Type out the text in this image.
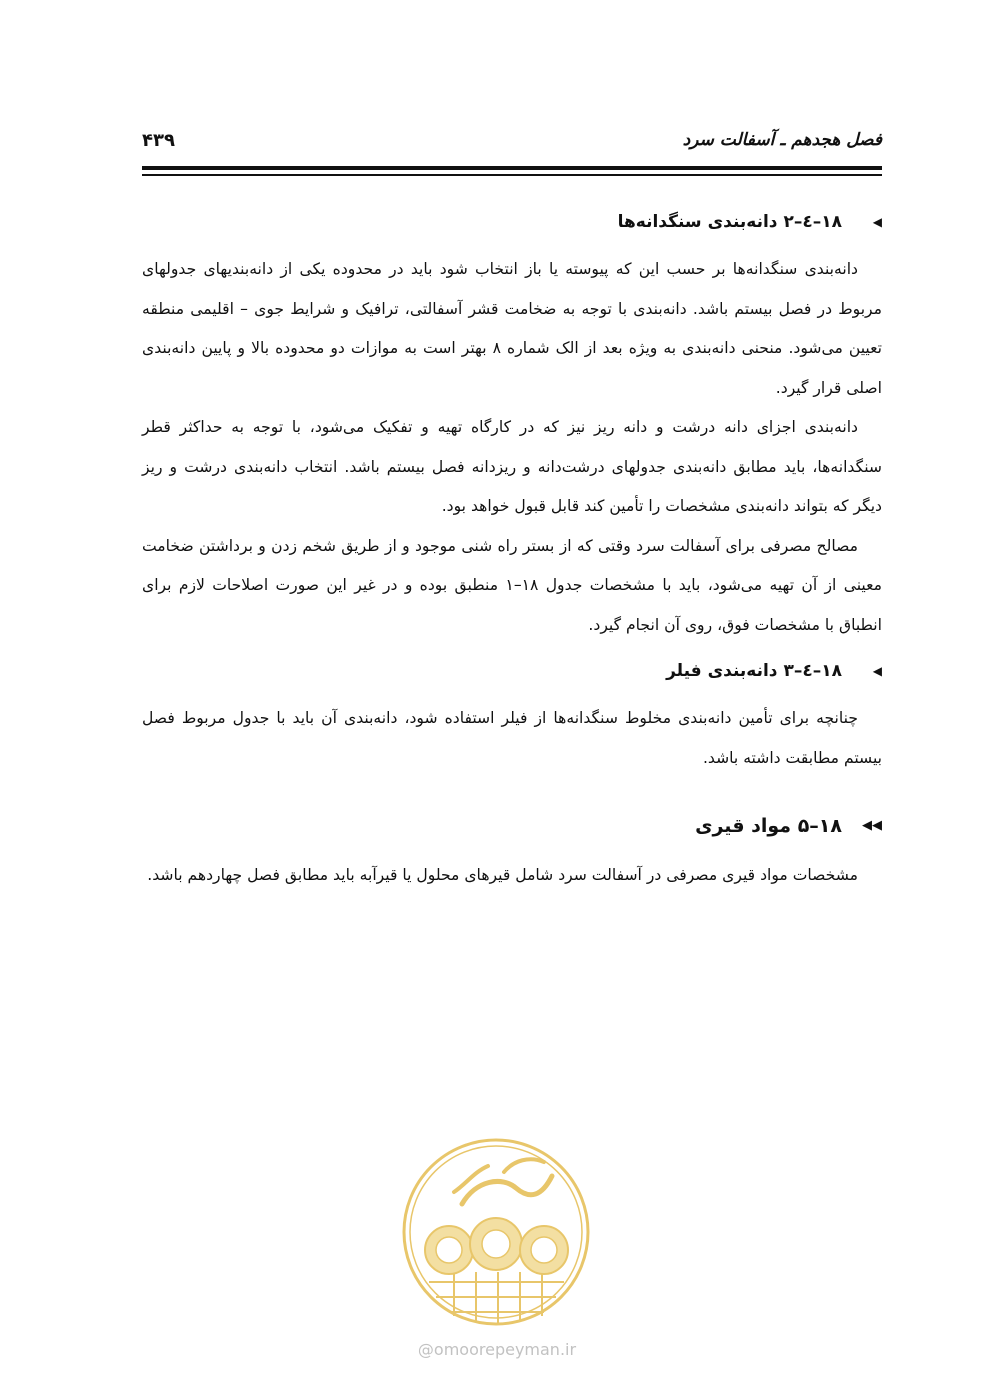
فصل هجدهم ـ آسفالت سرد
۴۳۹
◀
۱۸–٤–۲ دانه‌بندی سنگدانه‌ها

دانه‌بندی سنگدانه‌ها بر حسب این که پیوسته یا باز انتخاب شود باید در محدوده یکی از دانه‌بندیهای جدولهای مربوط در فصل بیستم باشد. دانه‌بندی با توجه به ضخامت قشر آسفالتی، ترافیک و شرایط جوی – اقلیمی منطقه تعیین می‌شود. منحنی دانه‌بندی به ویژه بعد از الک شماره ۸ بهتر است به موازات دو محدوده بالا و پایین دانه‌بندی اصلی قرار گیرد.

دانه‌بندی اجزای دانه درشت و دانه ریز نیز که در کارگاه تهیه و تفکیک می‌شود، با توجه به حداکثر قطر سنگدانه‌ها، باید مطابق دانه‌بندی جدولهای درشت‌دانه و ریزدانه فصل بیستم باشد. انتخاب دانه‌بندی درشت و ریز دیگر که بتواند دانه‌بندی مشخصات را تأمین کند قابل قبول خواهد بود.

مصالح مصرفی برای آسفالت سرد وقتی که از بستر راه شنی موجود و از طریق شخم زدن و برداشتن ضخامت معینی از آن تهیه می‌شود، باید با مشخصات جدول ۱۸–۱ منطبق بوده و در غیر این صورت اصلاحات لازم برای انطباق با مشخصات فوق، روی آن انجام گیرد.

◀
۱۸–٤–۳ دانه‌بندی فیلر

چنانچه برای تأمین دانه‌بندی مخلوط سنگدانه‌ها از فیلر استفاده شود، دانه‌بندی آن باید با جدول مربوط فصل بیستم مطابقت داشته باشد.

◀◀
۱۸–۵ مواد قیری

مشخصات مواد قیری مصرفی در آسفالت سرد شامل قیرهای محلول یا قیرآبه باید مطابق فصل چهاردهم باشد.

@omoorepeyman.ir
